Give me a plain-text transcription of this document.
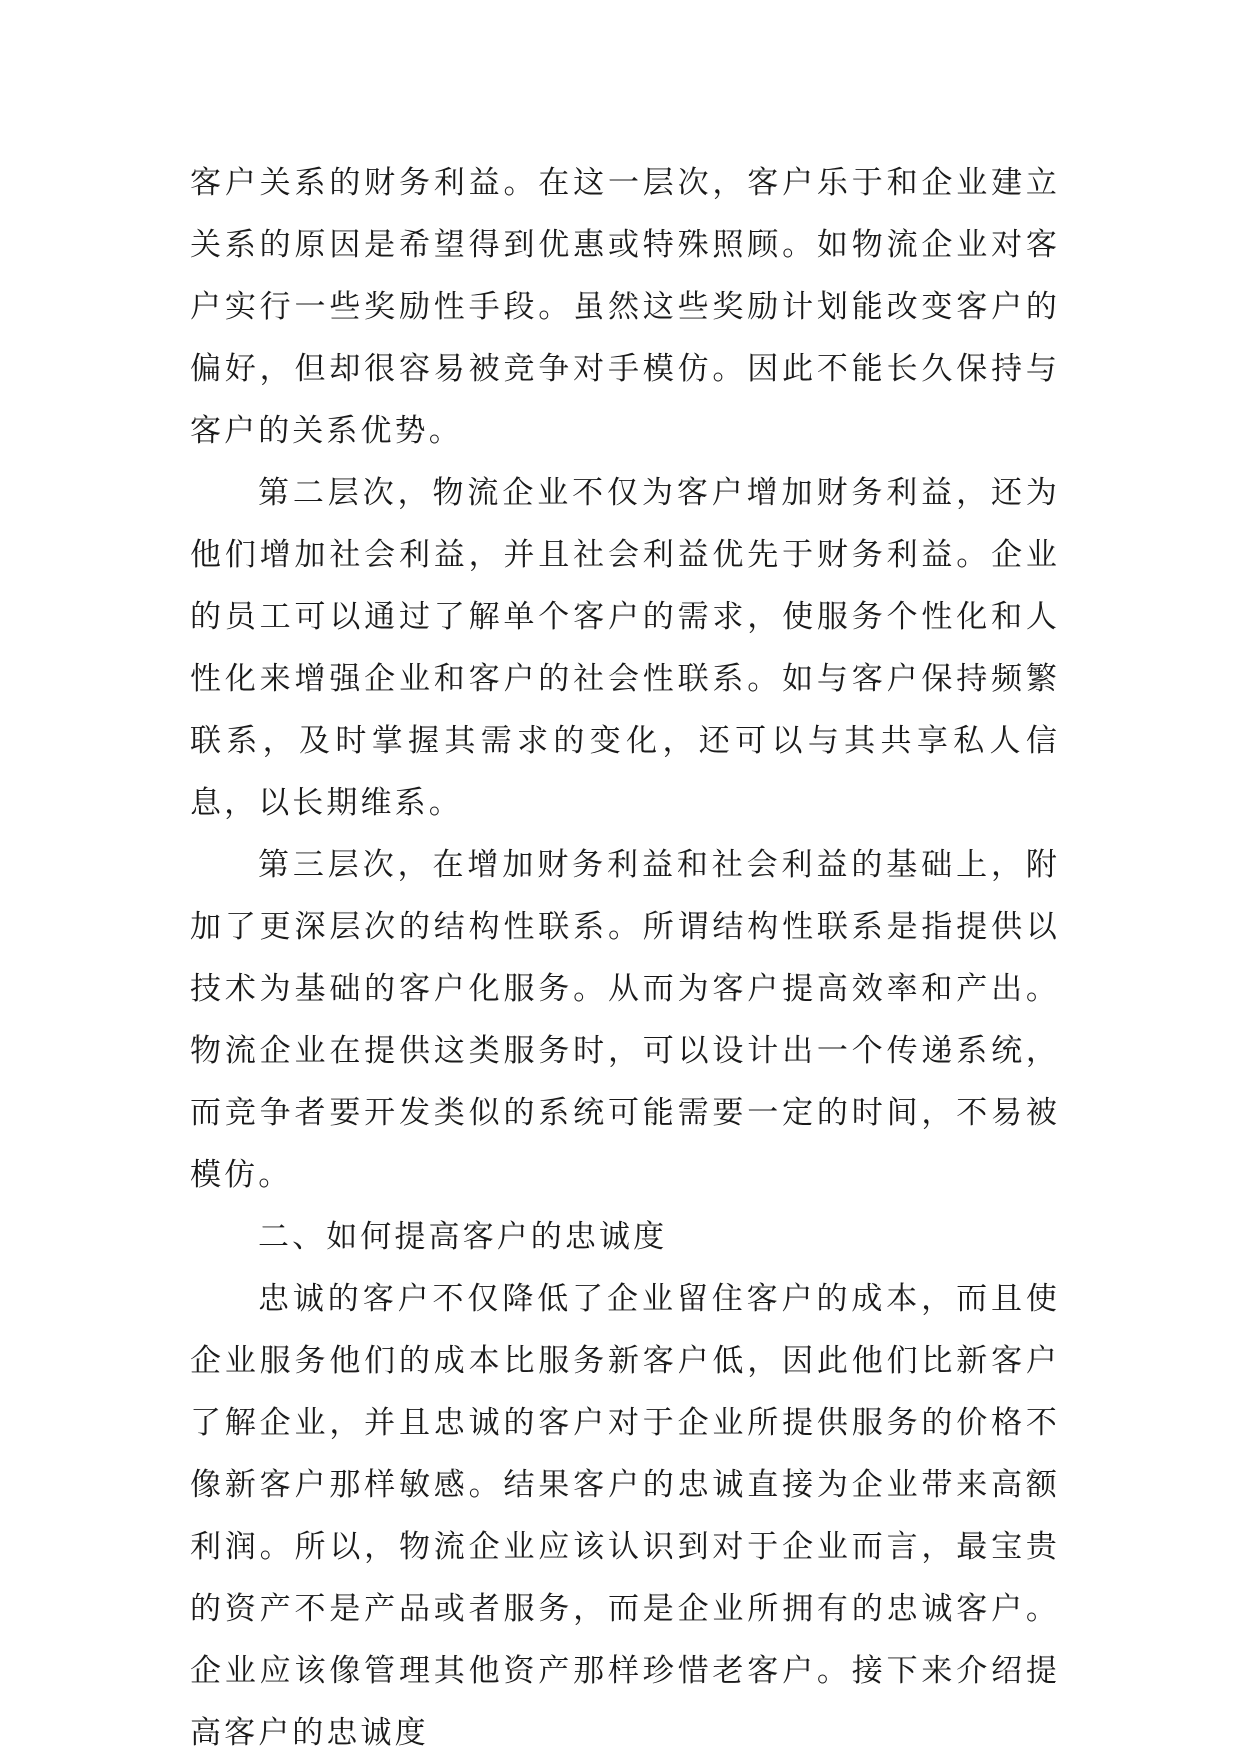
客户关系的财务利益。在这一层次，客户乐于和企业建立关系的原因是希望得到优惠或特殊照顾。如物流企业对客户实行一些奖励性手段。虽然这些奖励计划能改变客户的偏好，但却很容易被竞争对手模仿。因此不能长久保持与客户的关系优势。

第二层次，物流企业不仅为客户增加财务利益，还为他们增加社会利益，并且社会利益优先于财务利益。企业的员工可以通过了解单个客户的需求，使服务个性化和人性化来增强企业和客户的社会性联系。如与客户保持频繁联系，及时掌握其需求的变化，还可以与其共享私人信息，以长期维系。

第三层次，在增加财务利益和社会利益的基础上，附加了更深层次的结构性联系。所谓结构性联系是指提供以技术为基础的客户化服务。从而为客户提高效率和产出。物流企业在提供这类服务时，可以设计出一个传递系统，而竞争者要开发类似的系统可能需要一定的时间，不易被模仿。

二、如何提高客户的忠诚度

忠诚的客户不仅降低了企业留住客户的成本，而且使企业服务他们的成本比服务新客户低，因此他们比新客户了解企业，并且忠诚的客户对于企业所提供服务的价格不像新客户那样敏感。结果客户的忠诚直接为企业带来高额利润。所以，物流企业应该认识到对于企业而言，最宝贵的资产不是产品或者服务，而是企业所拥有的忠诚客户。企业应该像管理其他资产那样珍惜老客户。接下来介绍提高客户的忠诚度
